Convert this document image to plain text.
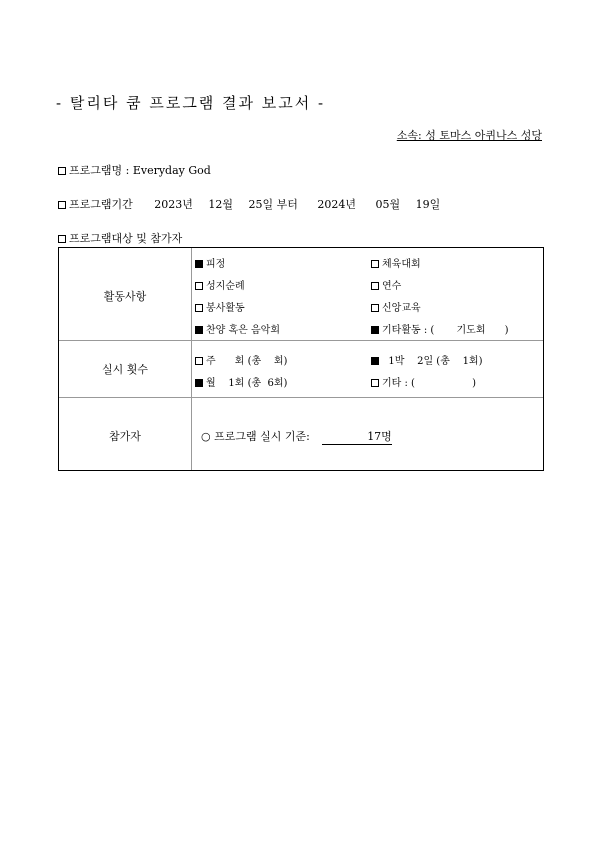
- 탈리타 쿰 프로그램 결과 보고서 -
소속: 성 토마스 아퀴나스 성당
프로그램명 : Everyday God
프로그램기간 2023년 12월 25일 부터 2024년 05월 19일
프로그램대상 및 참가자
활동사항
피정	체육대회
성지순례	연수
봉사활동	신앙교육
찬양 혹은 음악회	기타활동 : (       기도회      )
실시 횟수
주      회 (총    회)	1박    2일 (총    1회)
월    1회 (총  6회)	기타 : (                  )
참가자	○ 프로그램 실시 기준:	17명
